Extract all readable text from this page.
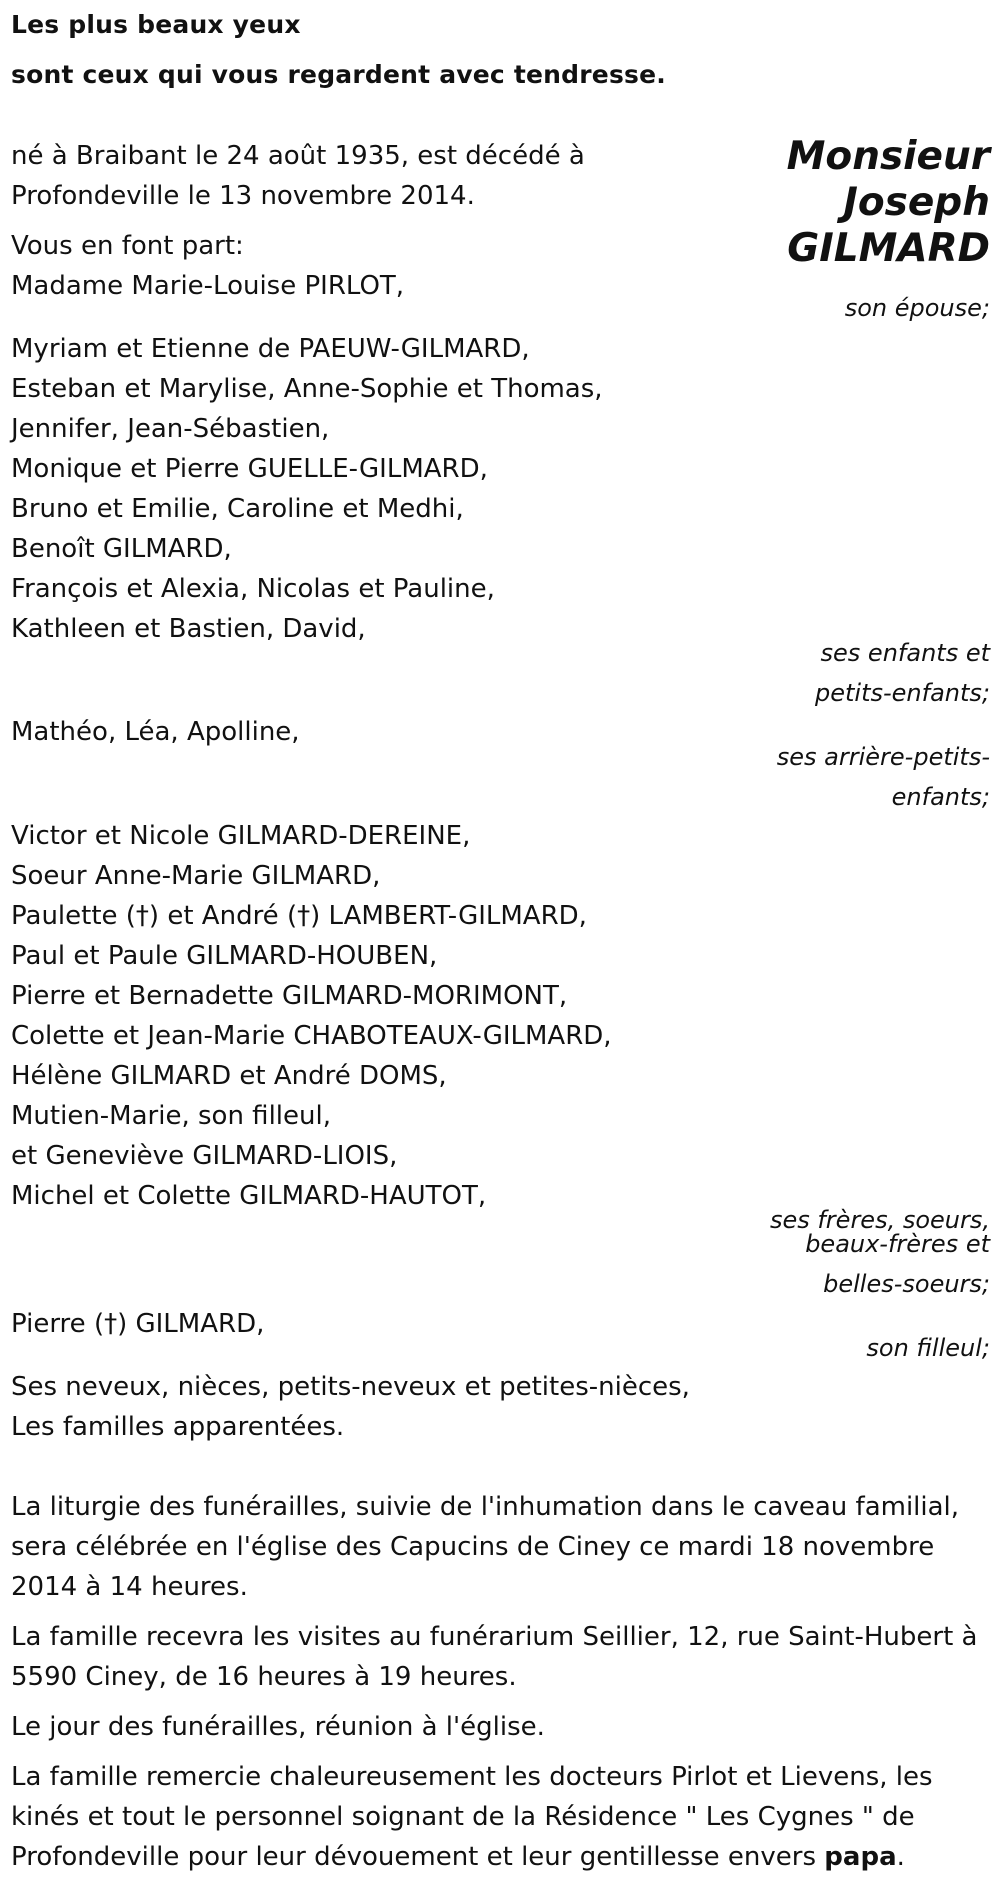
Les plus beaux yeux
sont ceux qui vous regardent avec tendresse.
Monsieur
Joseph
GILMARD
né à Braibant le 24 août 1935, est décédé à
Profondeville le 13 novembre 2014.
Vous en font part:
Madame Marie-Louise PIRLOT,
son épouse;
Myriam et Etienne de PAEUW-GILMARD,
Esteban et Marylise, Anne-Sophie et Thomas,
Jennifer, Jean-Sébastien,
Monique et Pierre GUELLE-GILMARD,
Bruno et Emilie, Caroline et Medhi,
Benoît GILMARD,
François et Alexia, Nicolas et Pauline,
Kathleen et Bastien, David,
ses enfants et
petits-enfants;
Mathéo, Léa, Apolline,
ses arrière-petits-
enfants;
Victor et Nicole GILMARD-DEREINE,
Soeur Anne-Marie GILMARD,
Paulette (†) et André (†) LAMBERT-GILMARD,
Paul et Paule GILMARD-HOUBEN,
Pierre et Bernadette GILMARD-MORIMONT,
Colette et Jean-Marie CHABOTEAUX-GILMARD,
Hélène GILMARD et André DOMS,
Mutien-Marie, son filleul,
et Geneviève GILMARD-LIOIS,
Michel et Colette GILMARD-HAUTOT,
ses frères, soeurs,
beaux-frères et
belles-soeurs;
Pierre (†) GILMARD,
son filleul;
Ses neveux, nièces, petits-neveux et petites-nièces,
Les familles apparentées.
La liturgie des funérailles, suivie de l'inhumation dans le caveau familial,
sera célébrée en l'église des Capucins de Ciney ce mardi 18 novembre
2014 à 14 heures.
La famille recevra les visites au funérarium Seillier, 12, rue Saint-Hubert à
5590 Ciney, de 16 heures à 19 heures.
Le jour des funérailles, réunion à l'église.
La famille remercie chaleureusement les docteurs Pirlot et Lievens, les
kinés et tout le personnel soignant de la Résidence " Les Cygnes " de
Profondeville pour leur dévouement et leur gentillesse envers papa.
